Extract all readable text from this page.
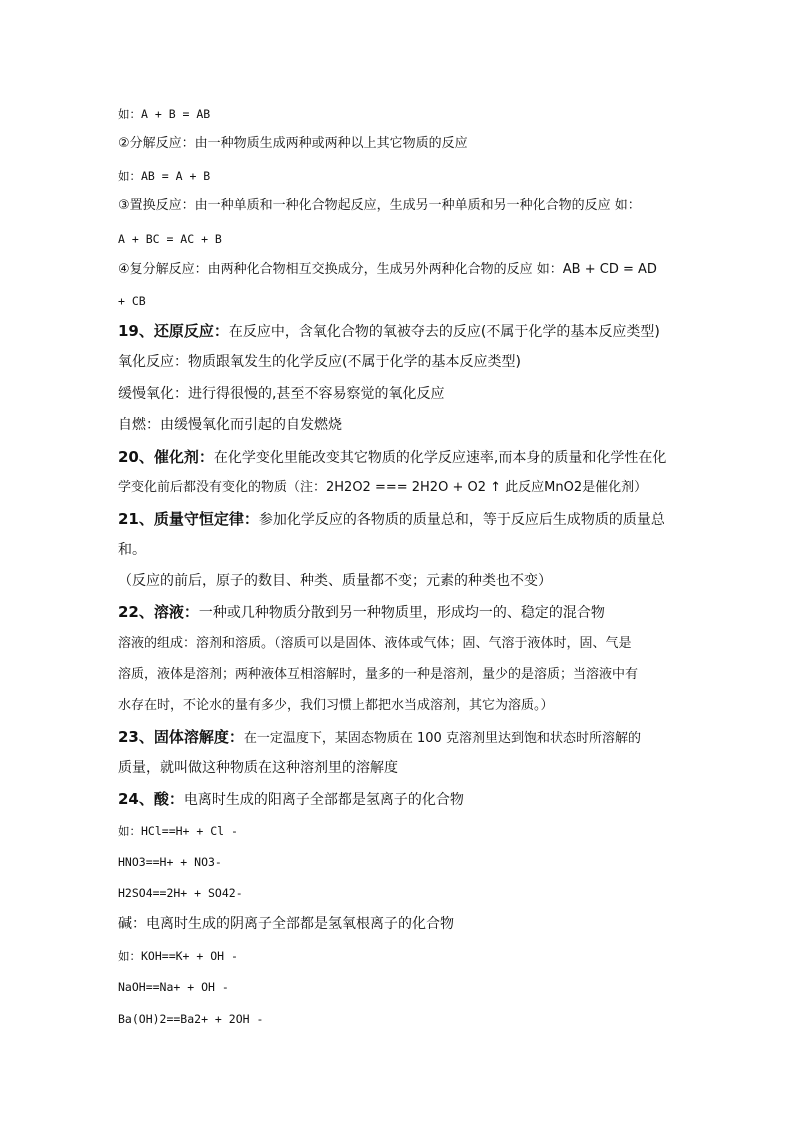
如：A + B = AB
②分解反应：由一种物质生成两种或两种以上其它物质的反应
如：AB = A + B
③置换反应：由一种单质和一种化合物起反应，生成另一种单质和另一种化合物的反应 如：
A + BC = AC + B
④复分解反应：由两种化合物相互交换成分，生成另外两种化合物的反应 如：AB + CD = AD
+ CB
19、还原反应：在反应中，含氧化合物的氧被夺去的反应(不属于化学的基本反应类型)
氧化反应：物质跟氧发生的化学反应(不属于化学的基本反应类型)
缓慢氧化：进行得很慢的,甚至不容易察觉的氧化反应
自燃：由缓慢氧化而引起的自发燃烧
20、催化剂：在化学变化里能改变其它物质的化学反应速率,而本身的质量和化学性在化
学变化前后都没有变化的物质（注：2H2O2 === 2H2O + O2 ↑ 此反应MnO2是催化剂）
21、质量守恒定律：参加化学反应的各物质的质量总和，等于反应后生成物质的质量总
和。
（反应的前后，原子的数目、种类、质量都不变；元素的种类也不变）
22、溶液：一种或几种物质分散到另一种物质里，形成均一的、稳定的混合物
溶液的组成：溶剂和溶质。（溶质可以是固体、液体或气体；固、气溶于液体时，固、气是
溶质，液体是溶剂；两种液体互相溶解时，量多的一种是溶剂，量少的是溶质；当溶液中有
水存在时，不论水的量有多少，我们习惯上都把水当成溶剂，其它为溶质。）
23、固体溶解度：在一定温度下，某固态物质在 100 克溶剂里达到饱和状态时所溶解的
质量，就叫做这种物质在这种溶剂里的溶解度
24、酸：电离时生成的阳离子全部都是氢离子的化合物
如：HCl==H+ + Cl -
HNO3==H+ + NO3-
H2SO4==2H+ + SO42-
碱：电离时生成的阴离子全部都是氢氧根离子的化合物
如：KOH==K+ + OH -
NaOH==Na+ + OH -
Ba(OH)2==Ba2+ + 2OH -
